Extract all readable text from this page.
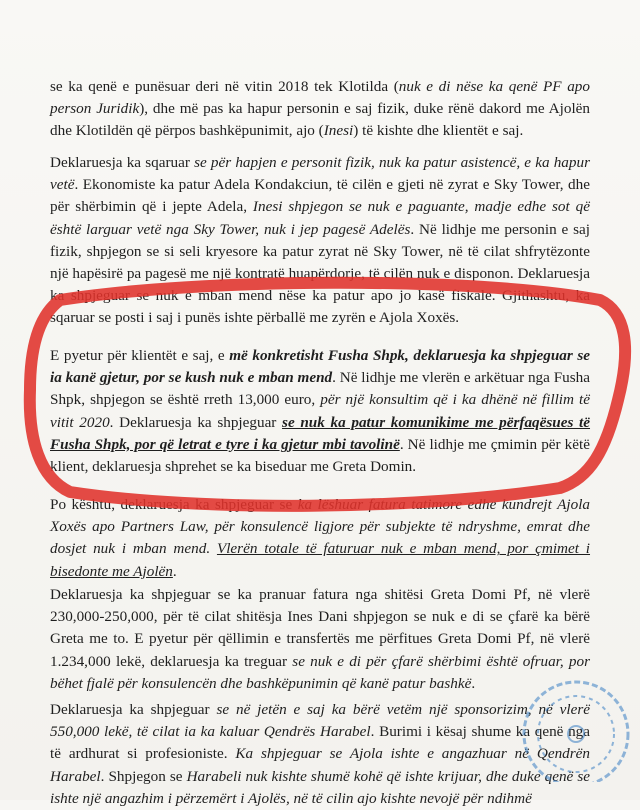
se ka qenë e punësuar deri në vitin 2018 tek Klotilda (nuk e di nëse ka qenë PF apo person Juridik), dhe më pas ka hapur personin e saj fizik, duke rënë dakord me Ajolën dhe Klotildën që përpos bashkëpunimit, ajo (Inesi) të kishte dhe klientët e saj.

Deklaruesja ka sqaruar se për hapjen e personit fizik, nuk ka patur asistencë, e ka hapur vetë. Ekonomiste ka patur Adela Kondakciun, të cilën e gjeti në zyrat e Sky Tower, dhe për shërbimin që i jepte Adela, Inesi shpjegon se nuk e paguante, madje edhe sot që është larguar vetë nga Sky Tower, nuk i jep pagesë Adelës. Në lidhje me personin e saj fizik, shpjegon se si seli kryesore ka patur zyrat në Sky Tower, në të cilat shfrytëzonte një hapësirë pa pagesë me një kontratë huapërdorje, të cilën nuk e disponon. Deklaruesja ka shpjeguar se nuk e mban mend nëse ka patur apo jo kasë fiskale. Gjithashtu, ka sqaruar se posti i saj i punës ishte përballë me zyrën e Ajola Xoxës.

E pyetur për klientët e saj, e më konkretisht Fusha Shpk, deklaruesja ka shpjeguar se ia kanë gjetur, por se kush nuk e mban mend. Në lidhje me vlerën e arkëtuar nga Fusha Shpk, shpjegon se është rreth 13,000 euro, për një konsultim që i ka dhënë në fillim të vitit 2020. Deklaruesja ka shpjeguar se nuk ka patur komunikime me përfaqësues të Fusha Shpk, por që letrat e tyre i ka gjetur mbi tavolinë. Në lidhje me çmimin për këtë klient, deklaruesja shprehet se ka biseduar me Greta Domin.

Po kështu, deklaruesja ka shpjeguar se ka lëshuar fatura tatimore edhe kundrejt Ajola Xoxës apo Partners Law, për konsulencë ligjore për subjekte të ndryshme, emrat dhe dosjet nuk i mban mend. Vlerën totale të faturuar nuk e mban mend, por çmimet i bisedonte me Ajolën.

Deklaruesja ka shpjeguar se ka pranuar fatura nga shitësi Greta Domi Pf, në vlerë 230,000-250,000, për të cilat shitësja Ines Dani shpjegon se nuk e di se çfarë ka bërë Greta me to. E pyetur për qëllimin e transfertës me përfitues Greta Domi Pf, në vlerë 1.234,000 lekë, deklaruesja ka treguar se nuk e di për çfarë shërbimi është ofruar, por bëhet fjalë për konsulencën dhe bashkëpunimin që kanë patur bashkë.

Deklaruesja ka shpjeguar se në jetën e saj ka bërë vetëm një sponsorizim, në vlerë 550,000 lekë, të cilat ia ka kaluar Qendrës Harabel. Burimi i kësaj shume ka qenë nga të ardhurat si profesioniste. Ka shpjeguar se Ajola ishte e angazhuar në Qendrën Harabel. Shpjegon se Harabeli nuk kishte shumë kohë që ishte krijuar, dhe duke qenë se ishte një angazhim i përzemërt i Ajolës, në të cilin ajo kishte nevojë për ndihmë
